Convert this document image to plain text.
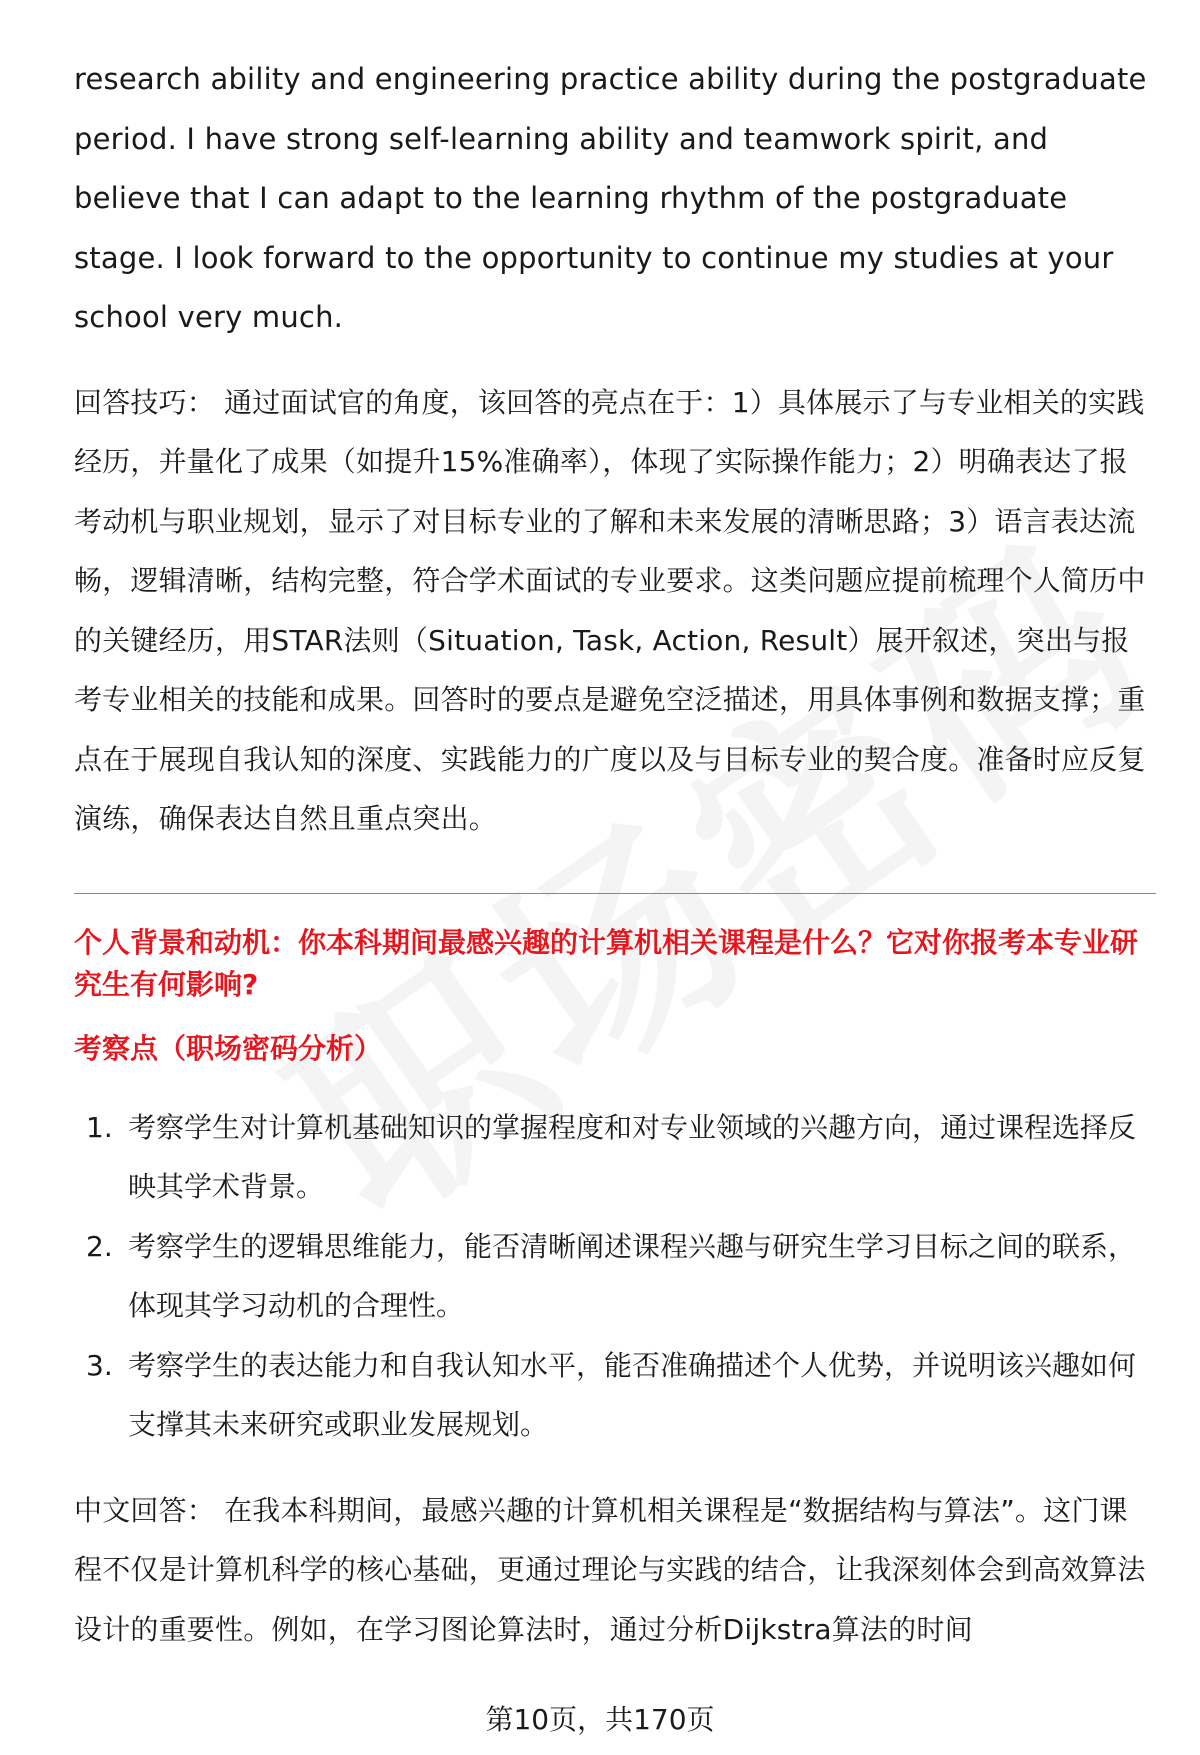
research ability and engineering practice ability during the postgraduate period. I have strong self-learning ability and teamwork spirit, and believe that I can adapt to the learning rhythm of the postgraduate stage. I look forward to the opportunity to continue my studies at your school very much.

回答技巧： 通过面试官的角度，该回答的亮点在于：1）具体展示了与专业相关的实践经历，并量化了成果（如提升15%准确率），体现了实际操作能力；2）明确表达了报考动机与职业规划，显示了对目标专业的了解和未来发展的清晰思路；3）语言表达流畅，逻辑清晰，结构完整，符合学术面试的专业要求。这类问题应提前梳理个人简历中的关键经历，用STAR法则（Situation, Task, Action, Result）展开叙述，突出与报考专业相关的技能和成果。回答时的要点是避免空泛描述，用具体事例和数据支撑；重点在于展现自我认知的深度、实践能力的广度以及与目标专业的契合度。准备时应反复演练，确保表达自然且重点突出。

个人背景和动机：你本科期间最感兴趣的计算机相关课程是什么？它对你报考本专业研究生有何影响?

考察点（职场密码分析）

1. 考察学生对计算机基础知识的掌握程度和对专业领域的兴趣方向，通过课程选择反映其学术背景。
2. 考察学生的逻辑思维能力，能否清晰阐述课程兴趣与研究生学习目标之间的联系，体现其学习动机的合理性。
3. 考察学生的表达能力和自我认知水平，能否准确描述个人优势，并说明该兴趣如何支撑其未来研究或职业发展规划。

中文回答： 在我本科期间，最感兴趣的计算机相关课程是“数据结构与算法”。这门课程不仅是计算机科学的核心基础，更通过理论与实践的结合，让我深刻体会到高效算法设计的重要性。例如，在学习图论算法时，通过分析Dijkstra算法的时间

第10页，共170页
